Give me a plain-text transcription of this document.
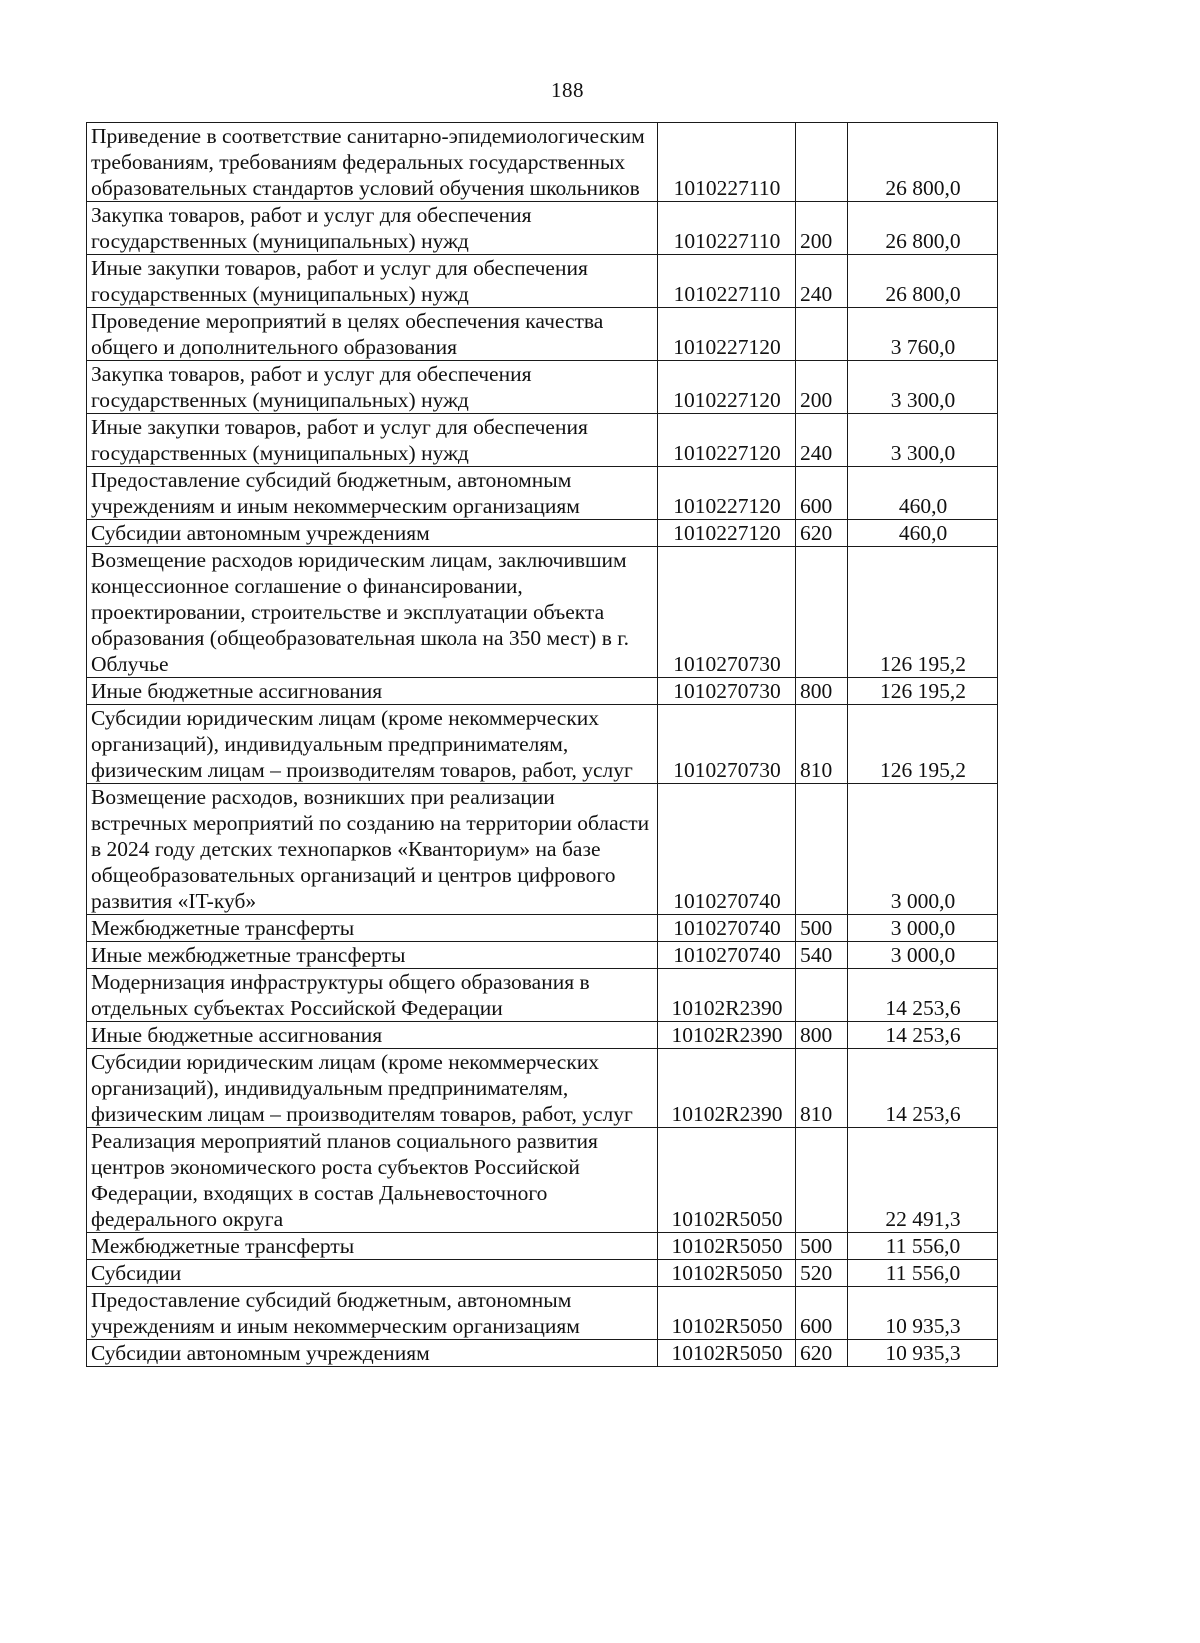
188
Приведение в соответствие санитарно-эпидемиологическим требованиям, требованиям федеральных государственных образовательных стандартов условий обучения школьников	1010227110		26 800,0
Закупка товаров, работ и услуг для обеспечения государственных (муниципальных) нужд	1010227110	200	26 800,0
Иные закупки товаров, работ и услуг для обеспечения государственных (муниципальных) нужд	1010227110	240	26 800,0
Проведение мероприятий в целях обеспечения качества общего и дополнительного образования	1010227120		3 760,0
Закупка товаров, работ и услуг для обеспечения государственных (муниципальных) нужд	1010227120	200	3 300,0
Иные закупки товаров, работ и услуг для обеспечения государственных (муниципальных) нужд	1010227120	240	3 300,0
Предоставление субсидий бюджетным, автономным учреждениям и иным некоммерческим организациям	1010227120	600	460,0
Субсидии автономным учреждениям	1010227120	620	460,0
Возмещение расходов юридическим лицам, заключившим концессионное соглашение о финансировании, проектировании, строительстве и эксплуатации объекта образования (общеобразовательная школа на 350 мест) в г. Облучье	1010270730		126 195,2
Иные бюджетные ассигнования	1010270730	800	126 195,2
Субсидии юридическим лицам (кроме некоммерческих организаций), индивидуальным предпринимателям, физическим лицам – производителям товаров, работ, услуг	1010270730	810	126 195,2
Возмещение расходов, возникших при реализации встречных мероприятий по созданию на территории области в 2024 году детских технопарков «Кванториум» на базе общеобразовательных организаций и центров цифрового развития «IT-куб»	1010270740		3 000,0
Межбюджетные трансферты	1010270740	500	3 000,0
Иные межбюджетные трансферты	1010270740	540	3 000,0
Модернизация инфраструктуры общего образования в отдельных субъектах Российской Федерации	10102R2390		14 253,6
Иные бюджетные ассигнования	10102R2390	800	14 253,6
Субсидии юридическим лицам (кроме некоммерческих организаций), индивидуальным предпринимателям, физическим лицам – производителям товаров, работ, услуг	10102R2390	810	14 253,6
Реализация мероприятий планов социального развития центров экономического роста субъектов Российской Федерации, входящих в состав Дальневосточного федерального округа	10102R5050		22 491,3
Межбюджетные трансферты	10102R5050	500	11 556,0
Субсидии	10102R5050	520	11 556,0
Предоставление субсидий бюджетным, автономным учреждениям и иным некоммерческим организациям	10102R5050	600	10 935,3
Субсидии автономным учреждениям	10102R5050	620	10 935,3
